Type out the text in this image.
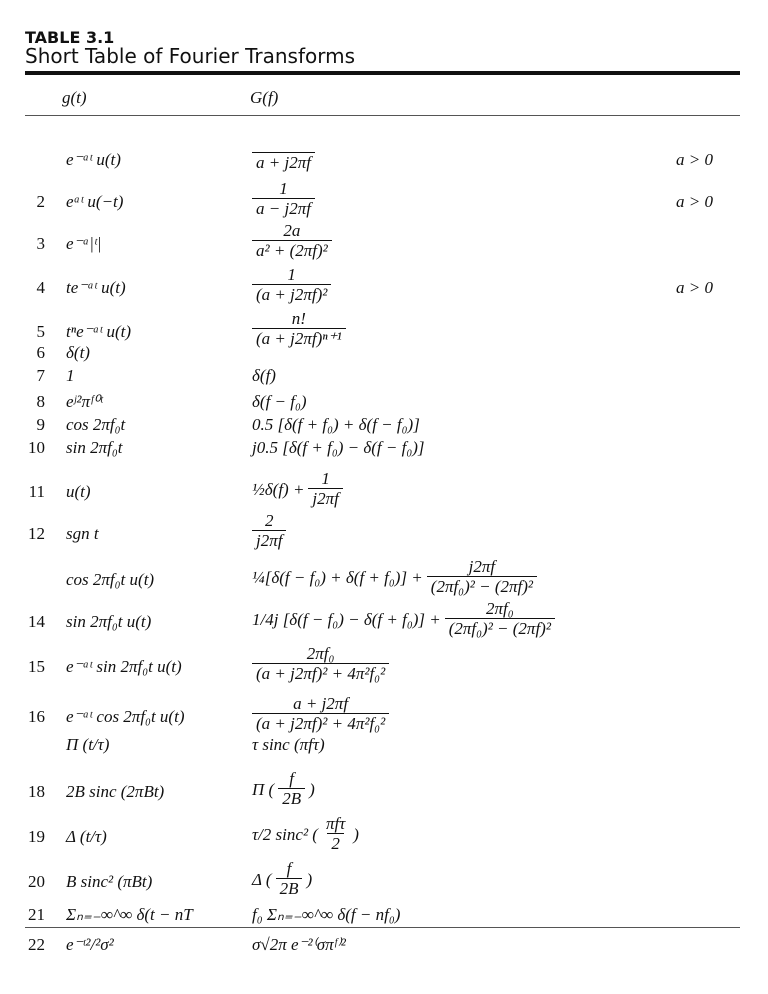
TABLE 3.1
Short Table of Fourier Transforms
g(t)	G(f)
e⁻ᵃᵗ u(t)	a + j2πf	a > 0
2 eᵃᵗ u(−t)	$\frac{1}{a - j2\pi f}$	a > 0
3 e⁻ᵃ|ᵗ|	$\frac{2a}{\text{a² + (2πf)²}}$
4 te⁻ᵃᵗ u(t)	$\frac{1}{\text{(a + j2πf)²}}$	a > 0
5 tⁿe⁻ᵃᵗ u(t)	$\frac{n!}{\text{(a + j2πf)ⁿ⁺¹}}$
6 δ(t)
7 1	δ(f)
8 eʲ²πᶠ⁰ᵗ	δ(f − f₀)
9 cos 2πf₀t	0.5 [δ(f + f₀) + δ(f − f₀)]
10 sin 2πf₀t	j0.5 [δ(f + f₀) − δ(f − f₀)]
11 u(t)	½δ(f) + $\frac{1}{j2\pi f}$
12 sgn t	$\frac{2}{j2\pi f}$
cos 2πf₀t u(t)	¼[δ(f − $f_0) + \delta(f + f_0)] + \frac{j2\pi f}{\text{(2πf₀)² − (2πf)²}}$
14 sin 2πf₀t u(t)	1/4j $[\delta(f - f_0) - \delta(f + f_0)] + \frac{\text{2πf₀}}{\text{(2πf₀)² − (2πf)²}}$
15 e⁻ᵃᵗ sin 2πf₀t u(t)	$\frac{\text{2πf₀}}{\text{(a + j2πf)² + 4π²f₀²}}$
16 e⁻ᵃᵗ cos 2πf₀t u(t)	$\frac{a + j2\pi f}{\text{(a + j2πf)² + 4π²f₀²}}$
Π (t/τ)	τ sinc (πfτ)
18 2B sinc (2πBt)	Π ( $\frac{f}{2B}$ )
19 Δ (t/τ)	τ/2 sinc² ( $\frac{\text{πfτ}}{2}$ )
20 B sinc² (πBt)	Δ ( $\frac{f}{2B}$ )
21 Σₙ₌₋∞^∞ δ(t − nT	f₀ Σₙ₌₋∞^∞ δ(f − nf₀)
22 e⁻ᵗ²/²σ²	σ√2π e⁻²⁽σπᶠ⁾²
